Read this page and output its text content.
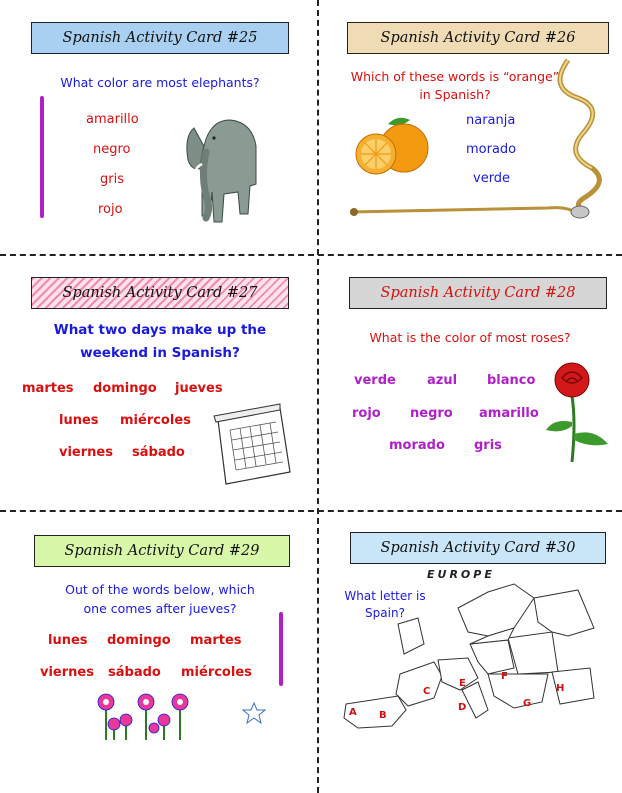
Spanish Activity Card #25
What color are most elephants?
amarillo
negro
gris
rojo
Spanish Activity Card #26
Which of these words is “orange”
in Spanish?
naranja
morado
verde
Spanish Activity Card #27
What two days make up the
weekend in Spanish?
martes domingo jueves
lunes miércoles
viernes sábado
Spanish Activity Card #28
What is the color of most roses?
verde azul blanco
rojo negro amarillo
morado gris
Spanish Activity Card #29
Out of the words below, which
one comes after jueves?
lunes domingo martes
viernes sábado miércoles
Spanish Activity Card #30
EUROPE
What letter is
Spain?
A B
C
D
E
F
G
H
